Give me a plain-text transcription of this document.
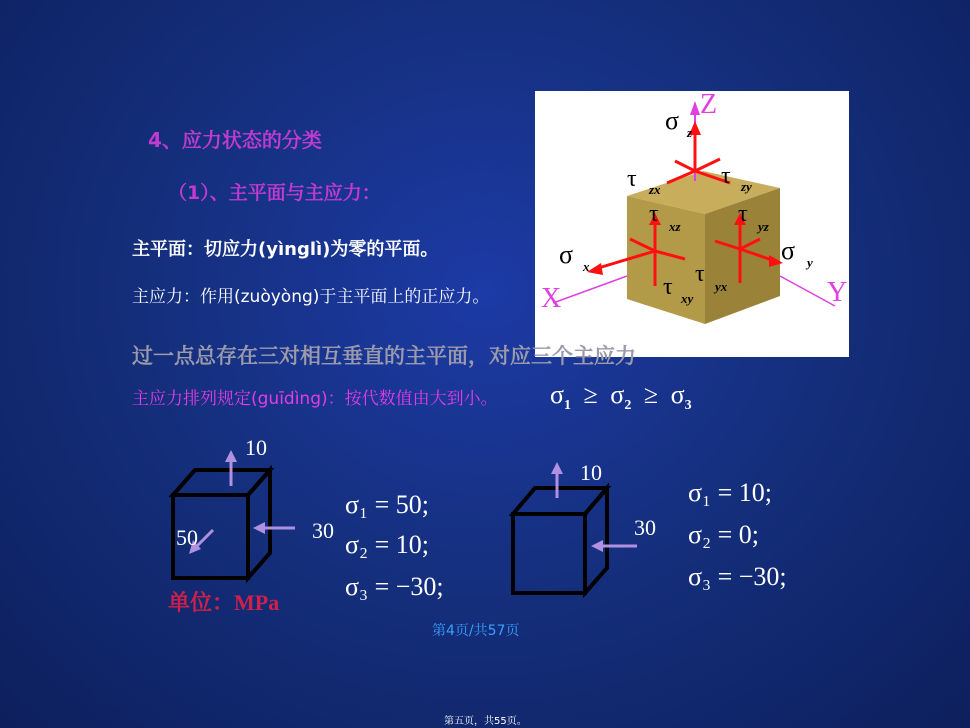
4、应力状态的分类
（1）、主平面与主应力：
主平面：切应力(yìnglì)为零的平面。
主应力：作用(zuòyòng)于主平面上的正应力。
Z
X	Y
σ z
τ zx
τ zy
τ xz τ yz
σ x
σ y
τ xy
τ yx
过一点总存在三对相互垂直的主平面，对应三个主应力
主应力排列规定(guīdìng)：按代数值由大到小。 $\sigma_1 \ge \sigma_2 \ge \sigma_3$
10
30
50
单位：MPa
σ₁ = 50;
σ₂ = 10;
σ₃ = −30;
10
30
σ₁ = 10;
σ₂ = 0;
σ₃ = −30;
第4页/共57页
第五页，共55页。
